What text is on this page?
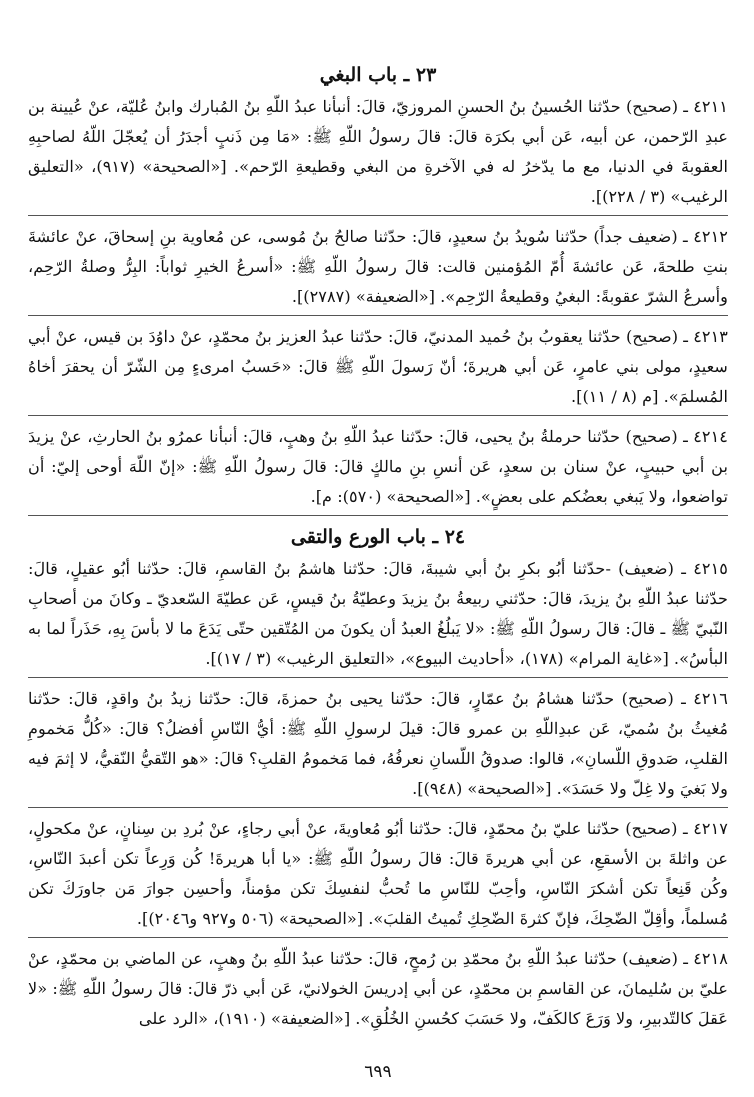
٢٣ ـ باب البغي

٤٢١١ ـ (صحيح) حدّثنا الحُسينُ بنُ الحسنِ المروزيّ، قالَ: أنبأنا عبدُ اللّهِ بنُ المُبارك وابنُ عُليّة، عنْ عُيينة بن عبدِ الرّحمن، عن أبيه، عَن أبي بكرَة قالَ: قالَ رسولُ اللّهِ ﷺ: «مَا مِن ذَنبٍ أجدَرُ أن يُعجّلَ اللّهُ لصاحبِهِ العقوبةَ في الدنيا، مع ما يدّخرُ له في الآخرةِ من البغي وقطيعةِ الرّحم». [«الصحيحة» (٩١٧)، «التعليق الرغيب» (٣ / ٢٢٨)].

٤٢١٢ ـ (ضعيف جداً) حدّثنا سُويدُ بنُ سعيدٍ، قالَ: حدّثنا صالحُ بنُ مُوسى، عن مُعاوية بنِ إسحاقَ، عنْ عائشةَ بنتِ طلحةَ، عَن عائشةَ أُمّ المُؤمنين قالت: قالَ رسولُ اللّهِ ﷺ: «أسرعُ الخيرِ ثواباً: البِرُّ وصلةُ الرّحِم، وأسرعُ الشرّ عقوبةً: البغيُ وقطيعةُ الرّحِم». [«الضعيفة» (٢٧٨٧)].

٤٢١٣ ـ (صحيح) حدّثنا يعقوبُ بنُ حُميد المدنيّ، قالَ: حدّثنا عبدُ العزيز بنُ محمّدٍ، عنْ داوُدَ بن قيس، عنْ أبي سعيدٍ، مولى بني عامرٍ، عَن أبي هريرةَ؛ أنّ رَسولَ اللّهِ ﷺ قالَ: «حَسبُ امرىءٍ مِن الشّرّ أن يحقرَ أخاهُ المُسلمَ». [م (٨ / ١١)].

٤٢١٤ ـ (صحيح) حدّثنا حرملةُ بنُ يحيى، قالَ: حدّثنا عبدُ اللّهِ بنُ وهبٍ، قالَ: أنبأنا عمرُو بنُ الحارثِ، عنْ يزيدَ بن أبي حبيبٍ، عنْ سنان بن سعدٍ، عَن أنسِ بنِ مالكٍ قالَ: قالَ رسولُ اللّهِ ﷺ: «إنّ اللّهَ أوحى إليّ: أن تواضعوا، ولا يَبغي بعضُكم على بعضٍ». [«الصحيحة» (٥٧٠): م].

٢٤ ـ باب الورع والتقى

٤٢١٥ ـ (ضعيف) -حدّثنا أبُو بكرِ بنُ أبي شيبةَ، قالَ: حدّثنا هاشمُ بنُ القاسمِ، قالَ: حدّثنا أبُو عقيلٍ، قالَ: حدّثنا عبدُ اللّهِ بنُ يزيدَ، قالَ: حدّثني ربيعةُ بنُ يزيدَ وعطيّةُ بنُ قيسٍ، عَن عطيّةَ السّعديّ ـ وكانَ من أصحابِ النّبيّ ﷺ ـ قالَ: قالَ رسولُ اللّهِ ﷺ: «لا يَبلُغُ العبدُ أن يكونَ من المُتّقين حتّى يَدَعَ ما لا بأسَ بِهِ، حَذَراً لما به البأسُ». [«غاية المرام» (١٧٨)، «أحاديث البيوع»، «التعليق الرغيب» (٣ / ١٧)].

٤٢١٦ ـ (صحيح) حدّثنا هشامُ بنُ عمّارٍ، قالَ: حدّثنا يحيى بنُ حمزةَ، قالَ: حدّثنا زيدُ بنُ واقدٍ، قالَ: حدّثنا مُغيثُ بنُ سُميّ، عَن عبدِاللّهِ بن عمرو قالَ: قيلَ لرسولِ اللّهِ ﷺ: أيُّ النّاسِ أفضلُ؟ قالَ: «كُلُّ مَخمومِ القلبِ، صَدوقِ اللّسانِ»، قالوا: صدوقُ اللّسانِ نعرفُهُ، فما مَخمومُ القلبِ؟ قالَ: «هو التّقيُّ النّقيُّ، لا إثمَ فيه ولا بَغيَ ولا غِلّ ولا حَسَدَ». [«الصحيحة» (٩٤٨)].

٤٢١٧ ـ (صحيح) حدّثنا عليّ بنُ محمّدٍ، قالَ: حدّثنا أبُو مُعاويةَ، عنْ أبي رجاءٍ، عنْ بُردِ بن سِنانٍ، عنْ مكحولٍ، عن واثلةَ بن الأسقعِ، عن أبي هريرةَ قالَ: قالَ رسولُ اللّهِ ﷺ: «يا أبا هريرةَ! كُن وَرِعاً تكن أعبدَ النّاسِ، وكُن قَنِعاً تكن أشكرَ النّاسِ، وأحِبّ للنّاسِ ما تُحبُّ لنفسِكَ تكن مؤمناً، وأحسِن جوارَ مَن جاورَكَ تكن مُسلماً، وأقِلّ الضّحِكَ، فإنّ كثرةَ الضّحِكِ تُميتُ القلبَ». [«الصحيحة» (٥٠٦ و٩٢٧ و٢٠٤٦)].

٤٢١٨ ـ (ضعيف) حدّثنا عبدُ اللّهِ بنُ محمّدِ بن رُمحٍ، قالَ: حدّثنا عبدُ اللّهِ بنُ وهبٍ، عن الماضي بن محمّدٍ، عنْ عليّ بن سُليمانَ، عن القاسمِ بن محمّدٍ، عن أبي إدريسَ الخولانيّ، عَن أبي ذرّ قالَ: قالَ رسولُ اللّهِ ﷺ: «لا عَقلَ كالتّدبيرِ، ولا وَرَعَ كالكَفّ، ولا حَسَبَ كحُسنِ الخُلُقِ». [«الضعيفة» (١٩١٠)، «الرد على

٦٩٩
